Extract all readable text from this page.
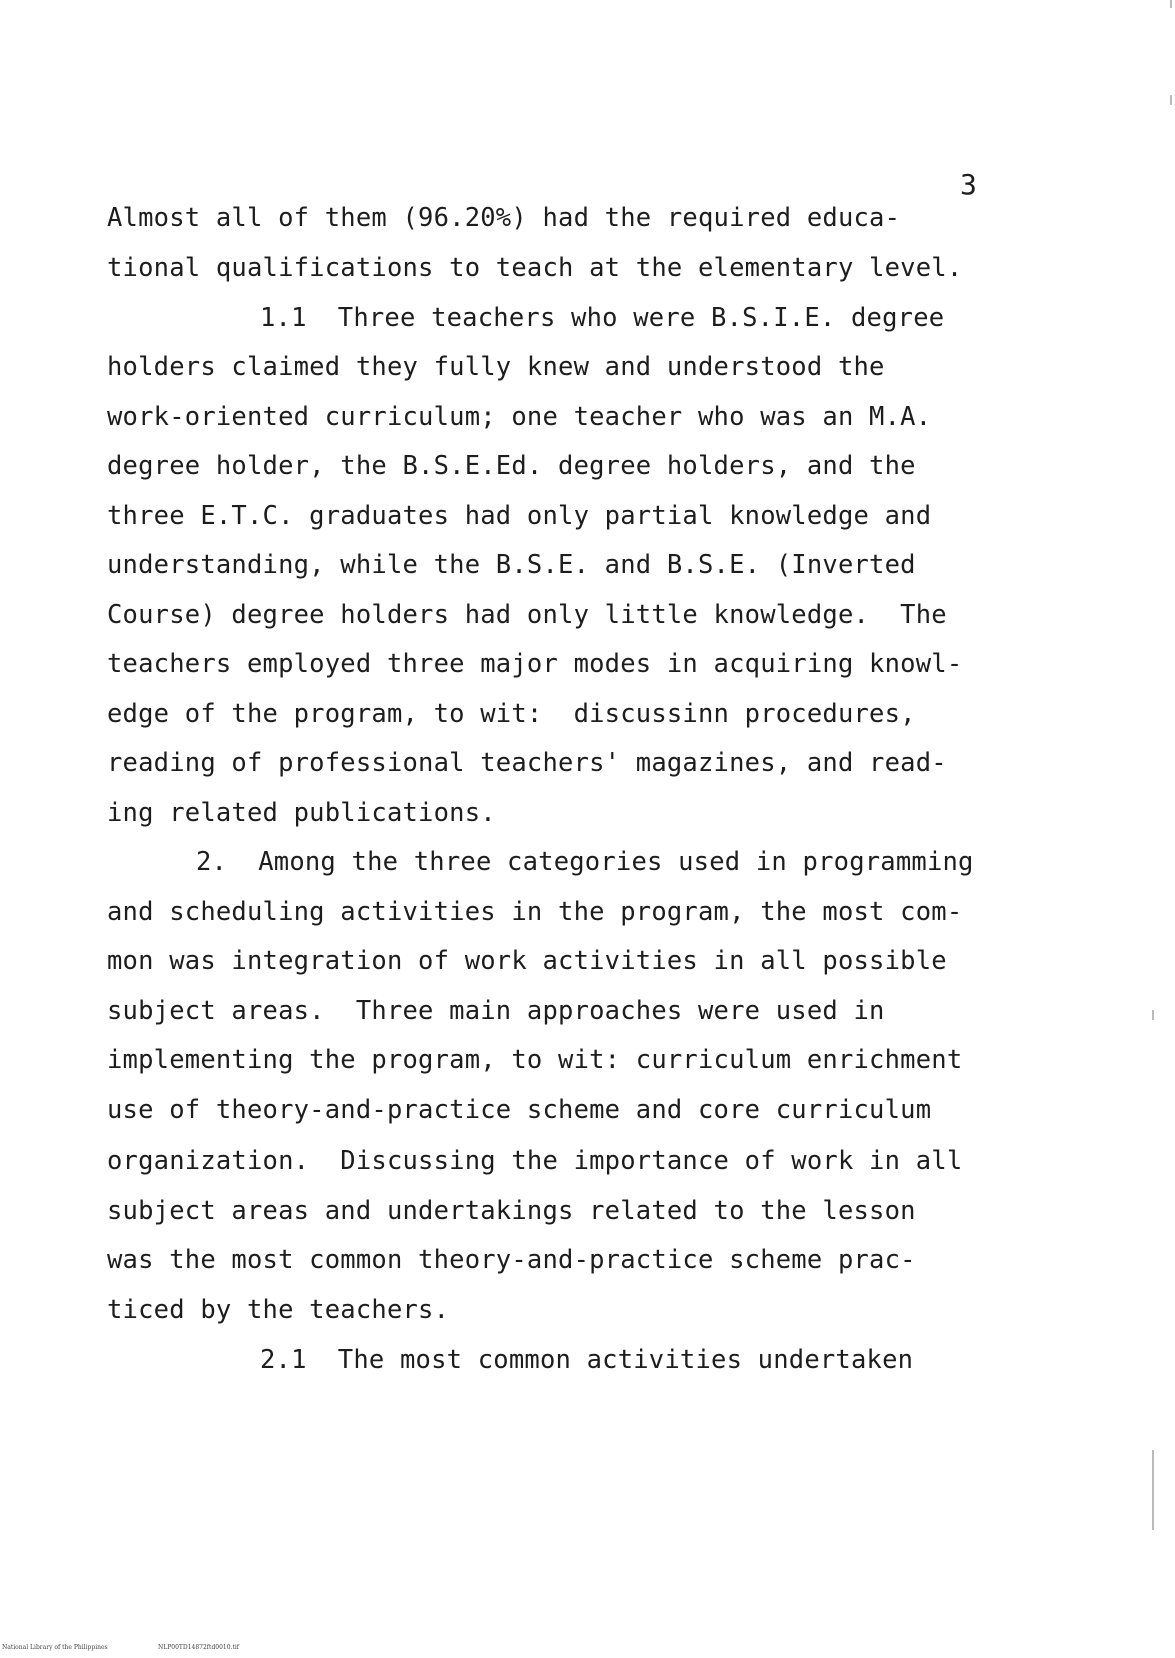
3
Almost all of them (96.20%) had the required educa-
tional qualifications to teach at the elementary level.
1.1  Three teachers who were B.S.I.E. degree
holders claimed they fully knew and understood the
work-oriented curriculum; one teacher who was an M.A.
degree holder, the B.S.E.Ed. degree holders, and the
three E.T.C. graduates had only partial knowledge and
understanding, while the B.S.E. and B.S.E. (Inverted
Course) degree holders had only little knowledge.  The
teachers employed three major modes in acquiring knowl-
edge of the program, to wit:  discussinn procedures,
reading of professional teachers' magazines, and read-
ing related publications.
2.  Among the three categories used in programming
and scheduling activities in the program, the most com-
mon was integration of work activities in all possible
subject areas.  Three main approaches were used in
implementing the program, to wit: curriculum enrichment
use of theory-and-practice scheme and core curriculum
organization.  Discussing the importance of work in all
subject areas and undertakings related to the lesson
was the most common theory-and-practice scheme prac-
ticed by the teachers.
2.1  The most common activities undertaken
National Library of the Philippines	NLP00TD14872ftd0010.tif
